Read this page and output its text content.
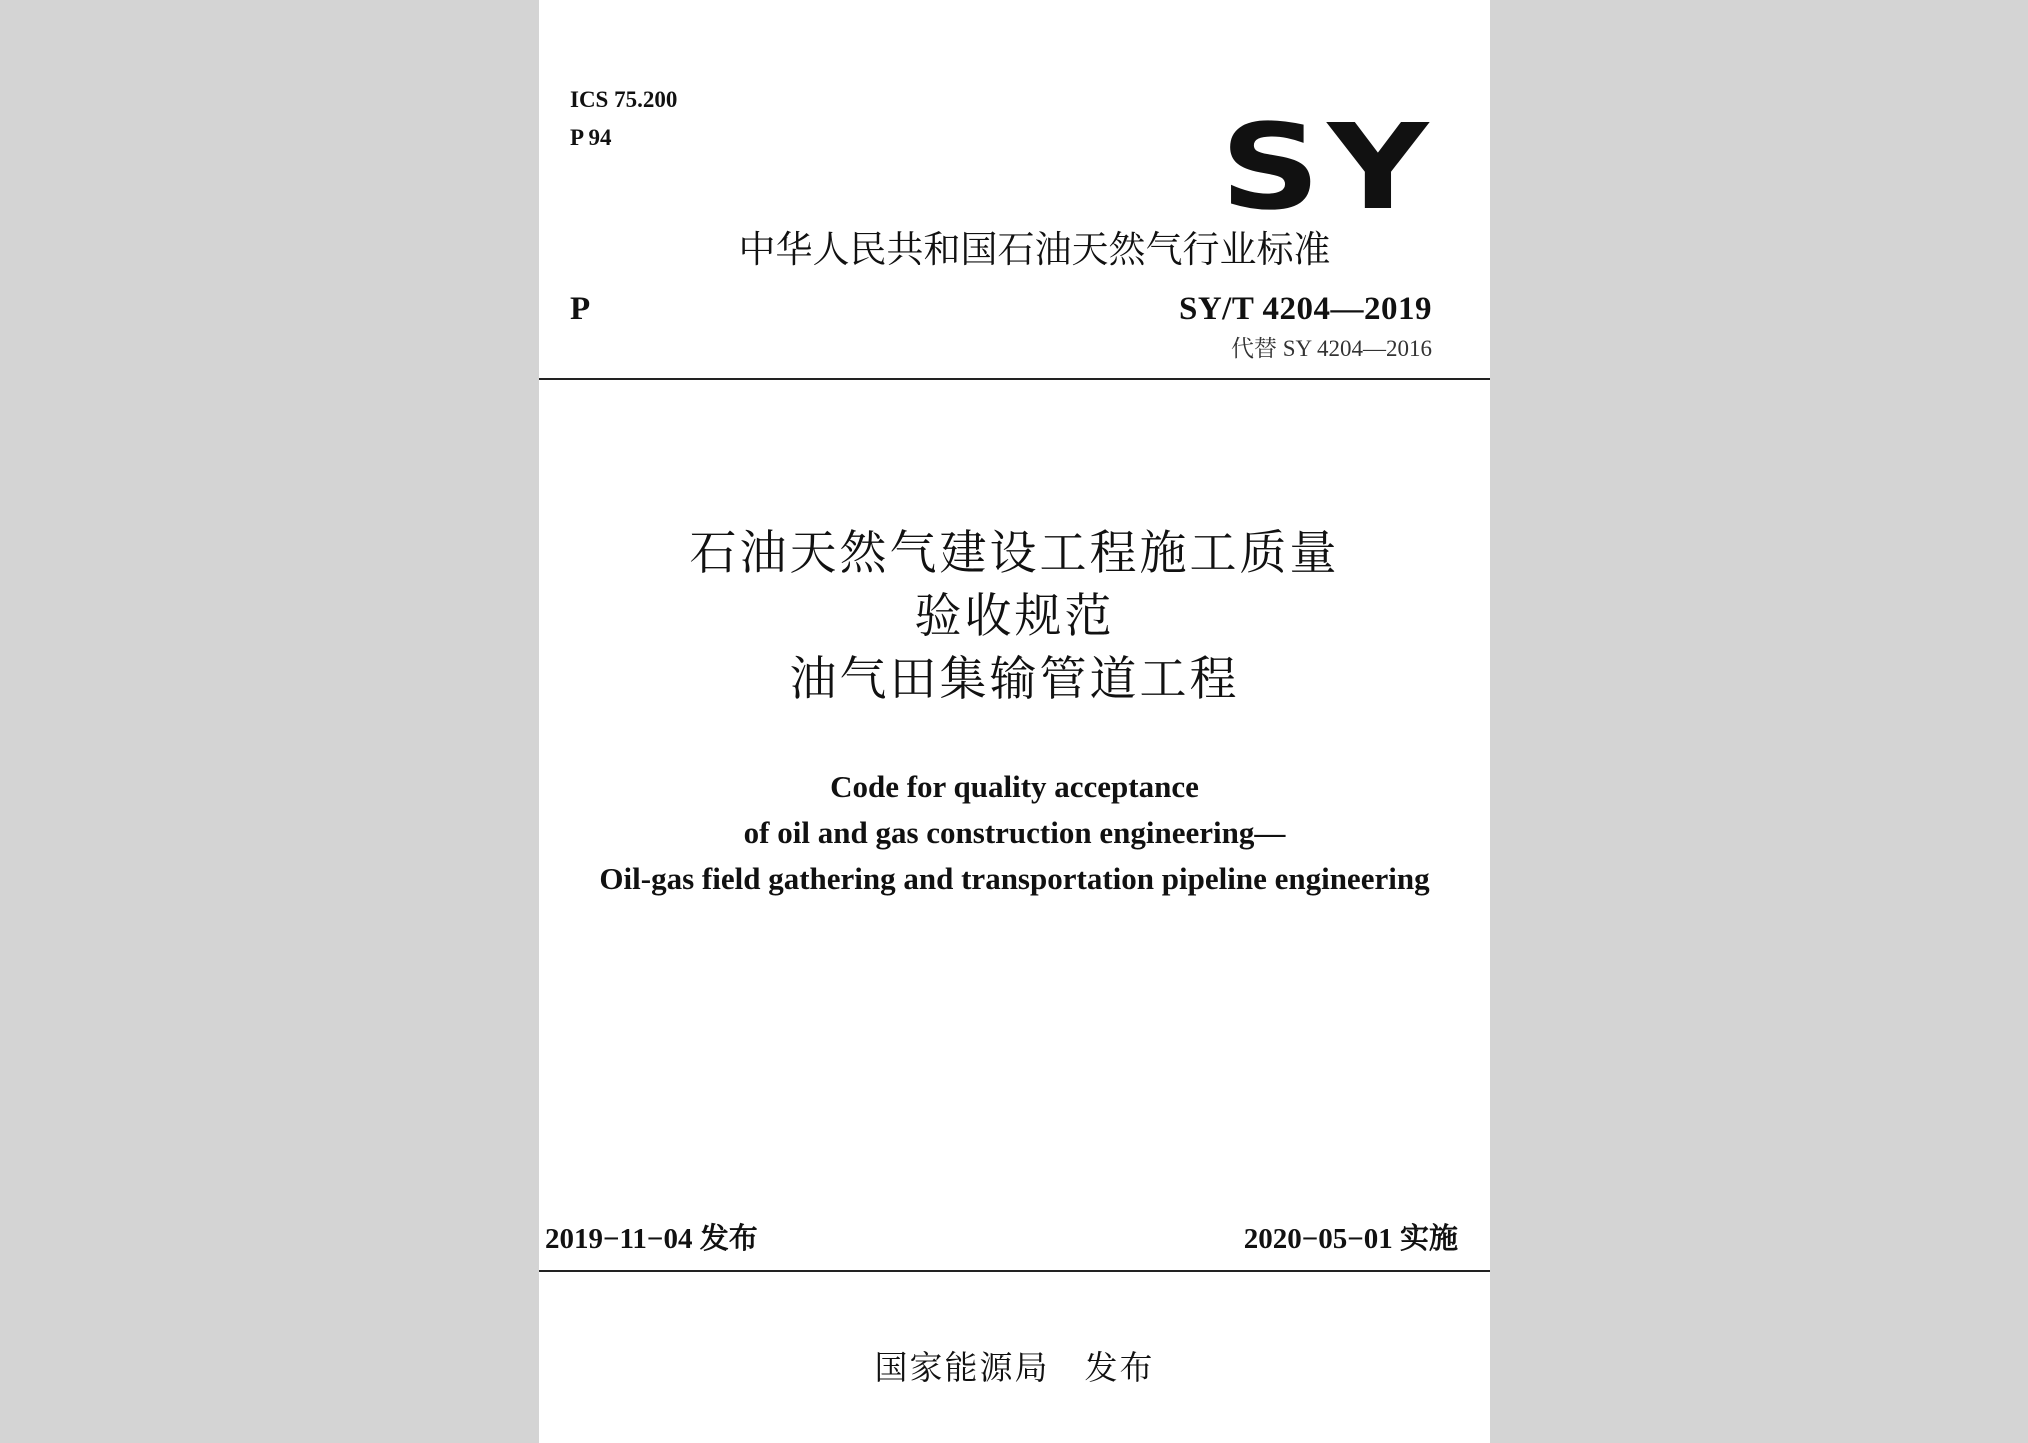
ICS 75.200
P 94	SY
中华人民共和国石油天然气行业标准
P	SY/T 4204—2019
代替 SY 4204—2016
石油天然气建设工程施工质量
验收规范
油气田集输管道工程
Code for quality acceptance
of oil and gas construction engineering—
Oil-gas field gathering and transportation pipeline engineering
2019−11−04 发布	2020−05−01 实施
国家能源局　发布
